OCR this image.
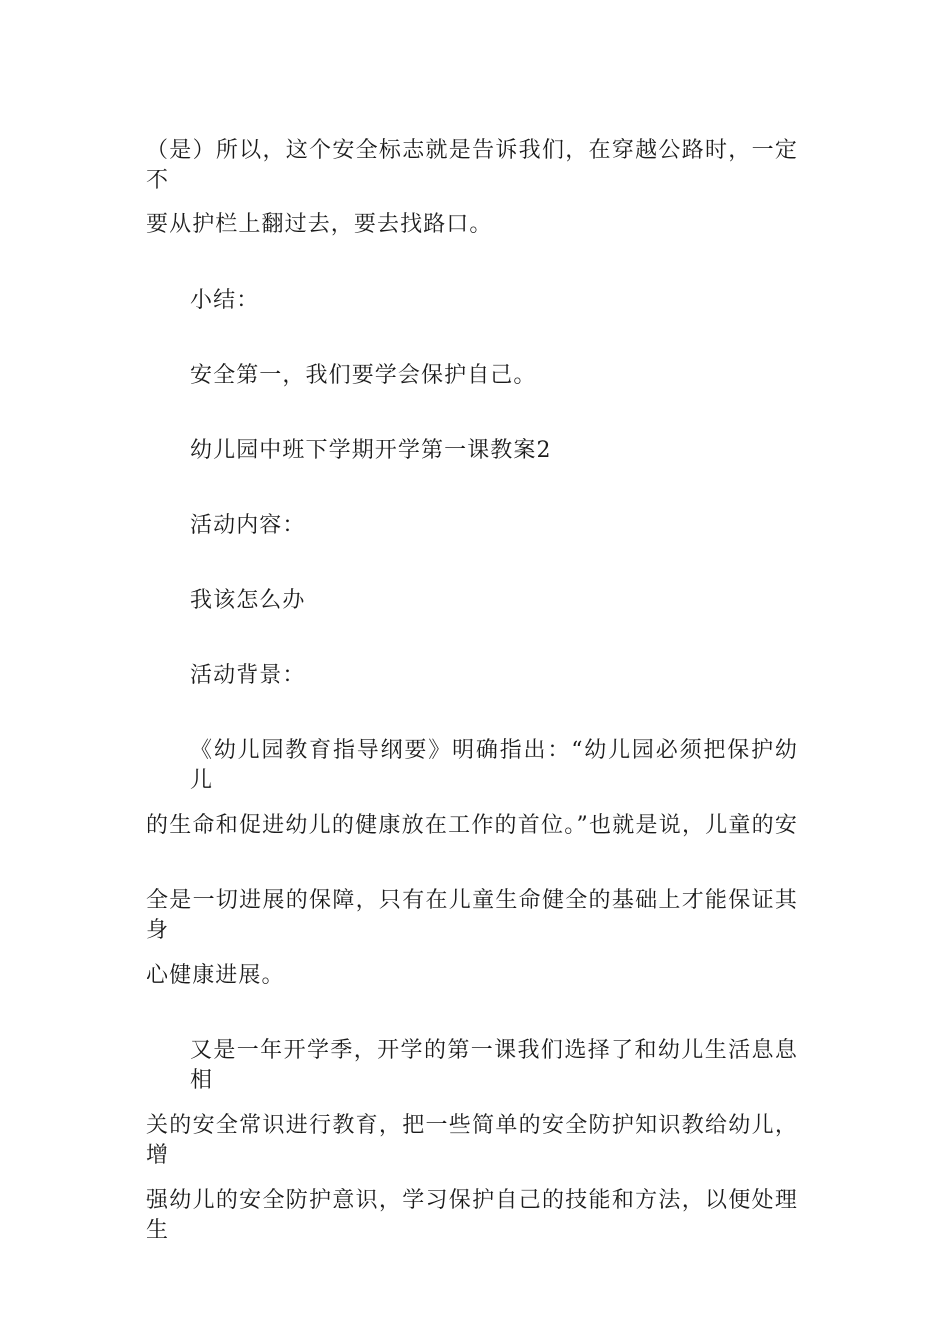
（是）所以，这个安全标志就是告诉我们，在穿越公路时，一定不
要从护栏上翻过去，要去找路口。
小结：
安全第一，我们要学会保护自己。
幼儿园中班下学期开学第一课教案2
活动内容：
我该怎么办
活动背景：
《幼儿园教育指导纲要》明确指出：“幼儿园必须把保护幼儿
的生命和促进幼儿的健康放在工作的首位。”也就是说，儿童的安
全是一切进展的保障，只有在儿童生命健全的基础上才能保证其身
心健康进展。
又是一年开学季，开学的第一课我们选择了和幼儿生活息息相
关的安全常识进行教育，把一些简单的安全防护知识教给幼儿，增
强幼儿的安全防护意识，学习保护自己的技能和方法，以便处理生
